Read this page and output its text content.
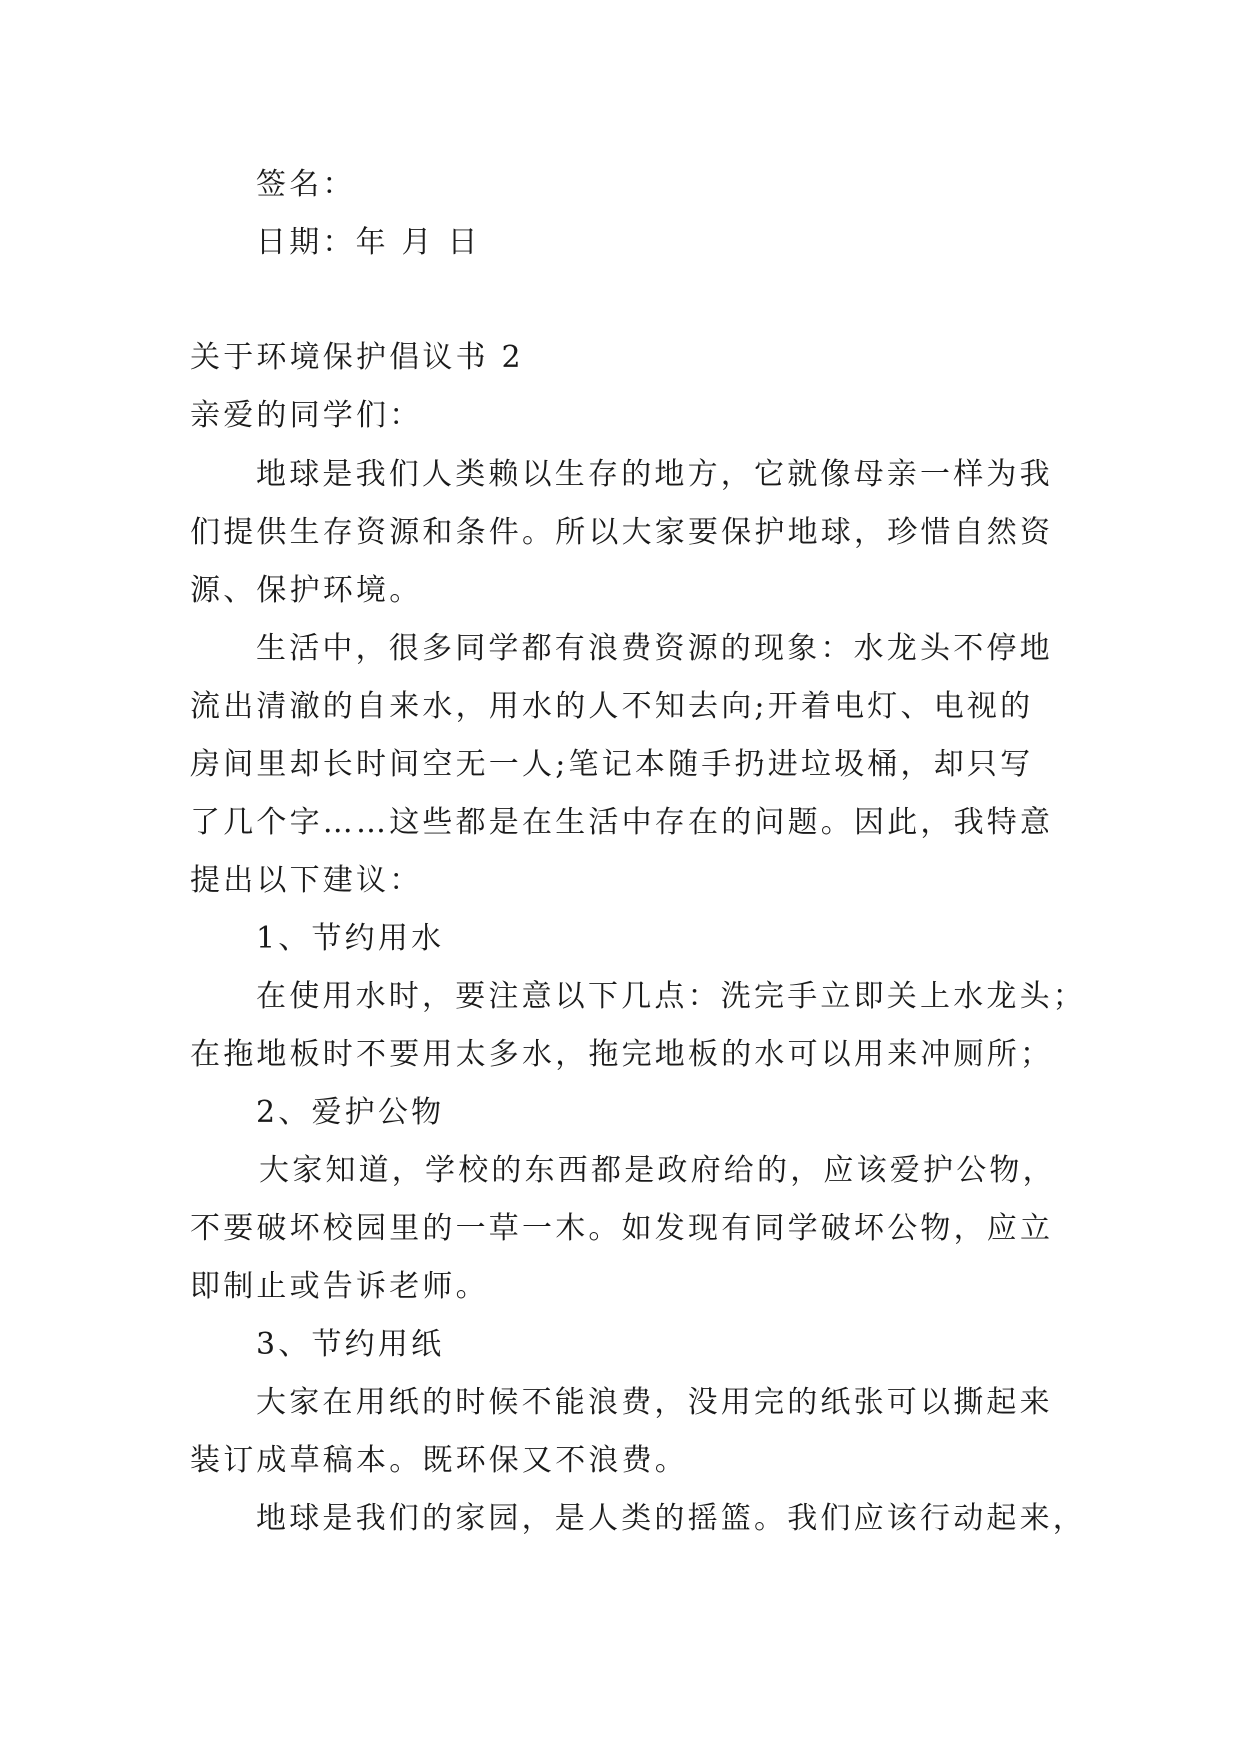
签名：

日期：年 月 日

关于环境保护倡议书 2

亲爱的同学们：

地球是我们人类赖以生存的地方，它就像母亲一样为我

们提供生存资源和条件。所以大家要保护地球，珍惜自然资

源、保护环境。

生活中，很多同学都有浪费资源的现象：水龙头不停地

流出清澈的自来水，用水的人不知去向;开着电灯、电视的

房间里却长时间空无一人;笔记本随手扔进垃圾桶，却只写

了几个字……这些都是在生活中存在的问题。因此，我特意

提出以下建议：

1、节约用水

在使用水时，要注意以下几点：洗完手立即关上水龙头；

在拖地板时不要用太多水，拖完地板的水可以用来冲厕所；

2、爱护公物

大家知道，学校的东西都是政府给的，应该爱护公物，

不要破坏校园里的一草一木。如发现有同学破坏公物，应立

即制止或告诉老师。

3、节约用纸

大家在用纸的时候不能浪费，没用完的纸张可以撕起来

装订成草稿本。既环保又不浪费。

地球是我们的家园，是人类的摇篮。我们应该行动起来，
